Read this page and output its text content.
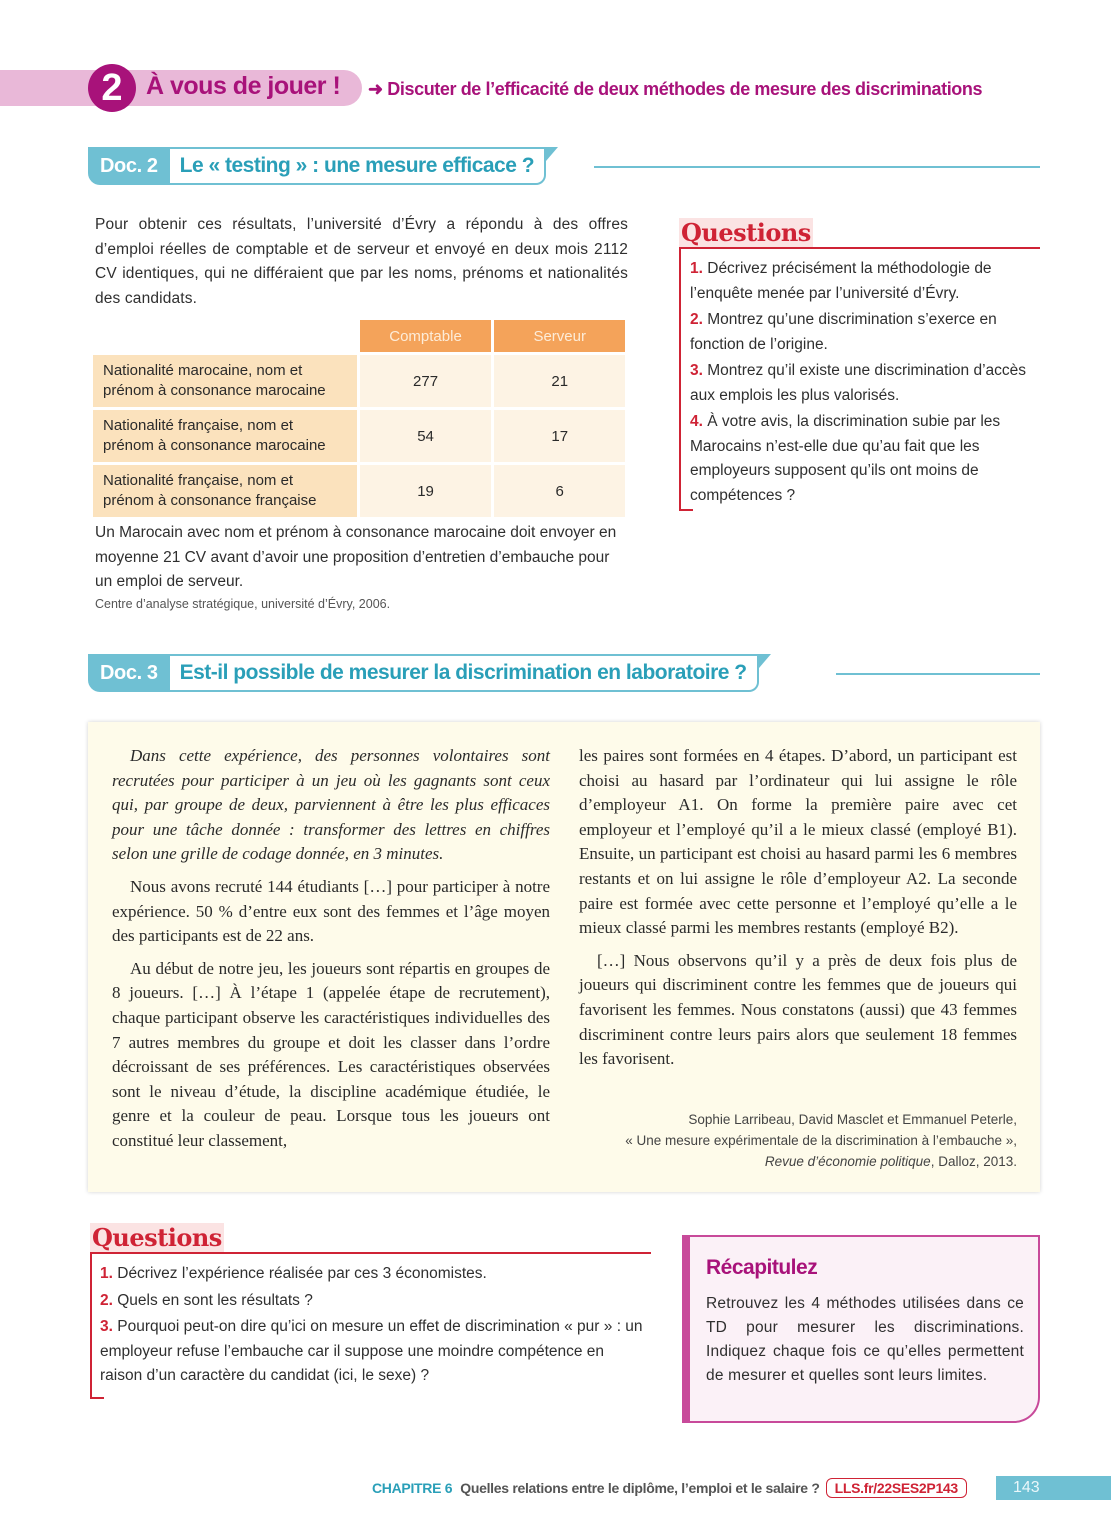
2 À vous de jouer ! ➜ Discuter de l’efficacité de deux méthodes de mesure des discriminations
Doc. 2	Le « testing » : une mesure efficace ?
Pour obtenir ces résultats, l’université d’Évry a répondu à des offres d’emploi réelles de comptable et de serveur et envoyé en deux mois 2112 CV identiques, qui ne différaient que par les noms, prénoms et nationalités des candidats.
	Comptable	Serveur
Nationalité marocaine, nom et prénom à consonance marocaine	277	21
Nationalité française, nom et prénom à consonance marocaine	54	17
Nationalité française, nom et prénom à consonance française	19	6
Un Marocain avec nom et prénom à consonance marocaine doit envoyer en moyenne 21 CV avant d’avoir une proposition d’entretien d’embauche pour un emploi de serveur.
Centre d’analyse stratégique, université d’Évry, 2006.
Questions
1. Décrivez précisément la méthodologie de l’enquête menée par l’université d’Évry.
2. Montrez qu’une discrimination s’exerce en fonction de l’origine.
3. Montrez qu’il existe une discrimination d’accès aux emplois les plus valorisés.
4. À votre avis, la discrimination subie par les Marocains n’est-elle due qu’au fait que les employeurs supposent qu’ils ont moins de compétences ?
Doc. 3	Est-il possible de mesurer la discrimination en laboratoire ?

Dans cette expérience, des personnes volontaires sont recrutées pour participer à un jeu où les gagnants sont ceux qui, par groupe de deux, parviennent à être les plus efficaces pour une tâche donnée : transformer des lettres en chiffres selon une grille de codage donnée, en 3 minutes.

Nous avons recruté 144 étudiants […] pour participer à notre expérience. 50 % d’entre eux sont des femmes et l’âge moyen des participants est de 22 ans.

Au début de notre jeu, les joueurs sont répartis en groupes de 8 joueurs. […] À l’étape 1 (appelée étape de recrutement), chaque participant observe les caractéristiques individuelles des 7 autres membres du groupe et doit les classer dans l’ordre décroissant de ses préférences. Les caractéristiques observées sont le niveau d’étude, la discipline académique étudiée, le genre et la couleur de peau. Lorsque tous les joueurs ont constitué leur classement,

les paires sont formées en 4 étapes. D’abord, un participant est choisi au hasard par l’ordinateur qui lui assigne le rôle d’employeur A1. On forme la première paire avec cet employeur et l’employé qu’il a le mieux classé (employé B1). Ensuite, un participant est choisi au hasard parmi les 6 membres restants et on lui assigne le rôle d’employeur A2. La seconde paire est formée avec cette personne et l’employé qu’elle a le mieux classé parmi les membres restants (employé B2).

[…] Nous observons qu’il y a près de deux fois plus de joueurs qui discriminent contre les femmes que de joueurs qui favorisent les femmes. Nous constatons (aussi) que 43 femmes discriminent contre leurs pairs alors que seulement 18 femmes les favorisent.

Sophie Larribeau, David Masclet et Emmanuel Peterle,
« Une mesure expérimentale de la discrimination à l’embauche »,
Revue d’économie politique, Dalloz, 2013.
Questions
1. Décrivez l’expérience réalisée par ces 3 économistes.
2. Quels en sont les résultats ?
3. Pourquoi peut-on dire qu’ici on mesure un effet de discrimination « pur » : un employeur refuse l’embauche car il suppose une moindre compétence en raison d’un caractère du candidat (ici, le sexe) ?
Récapitulez
Retrouvez les 4 méthodes utilisées dans ce TD pour mesurer les discriminations. Indiquez chaque fois ce qu’elles permettent de mesurer et quelles sont leurs limites.
CHAPITRE 6 Quelles relations entre le diplôme, l’emploi et le salaire ?	LLS.fr/22SES2P143	143
